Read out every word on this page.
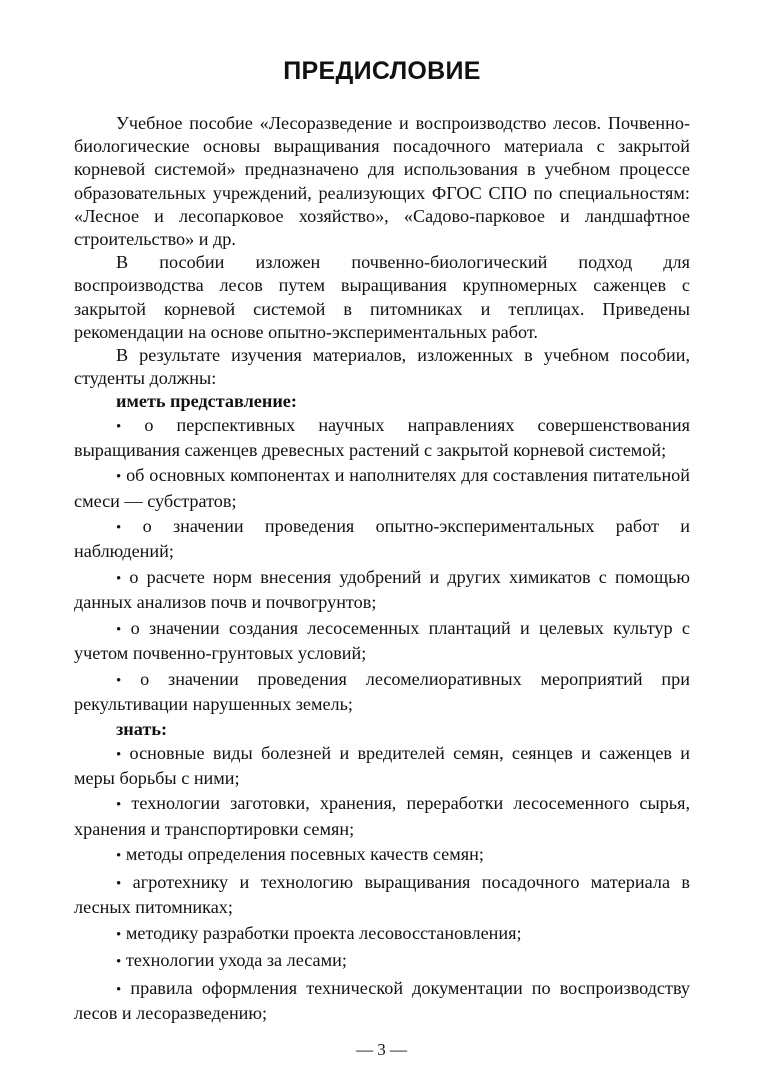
ПРЕДИСЛОВИЕ

Учебное пособие «Лесоразведение и воспроизводство лесов. Почвенно-биологические основы выращивания посадочного материала с закрытой корневой системой» предназначено для использования в учебном процессе образовательных учреждений, реализующих ФГОС СПО по специальностям: «Лесное и лесопарковое хозяйство», «Садово-парковое и ландшафтное строительство» и др.

В пособии изложен почвенно-биологический подход для воспроизводства лесов путем выращивания крупномерных саженцев с закрытой корневой системой в питомниках и теплицах. Приведены рекомендации на основе опытно-экспериментальных работ.

В результате изучения материалов, изложенных в учебном пособии, студенты должны:

иметь представление:
• о перспективных научных направлениях совершенствования выращивания саженцев древесных растений с закрытой корневой системой;
• об основных компонентах и наполнителях для составления питательной смеси — субстратов;
• о значении проведения опытно-экспериментальных работ и наблюдений;
• о расчете норм внесения удобрений и других химикатов с помощью данных анализов почв и почвогрунтов;
• о значении создания лесосеменных плантаций и целевых культур с учетом почвенно-грунтовых условий;
• о значении проведения лесомелиоративных мероприятий при рекультивации нарушенных земель;
знать:
• основные виды болезней и вредителей семян, сеянцев и саженцев и меры борьбы с ними;
• технологии заготовки, хранения, переработки лесосеменного сырья, хранения и транспортировки семян;
• методы определения посевных качеств семян;
• агротехнику и технологию выращивания посадочного материала в лесных питомниках;
• методику разработки проекта лесовосстановления;
• технологии ухода за лесами;
• правила оформления технической документации по воспроизводству лесов и лесоразведению;
— 3 —
